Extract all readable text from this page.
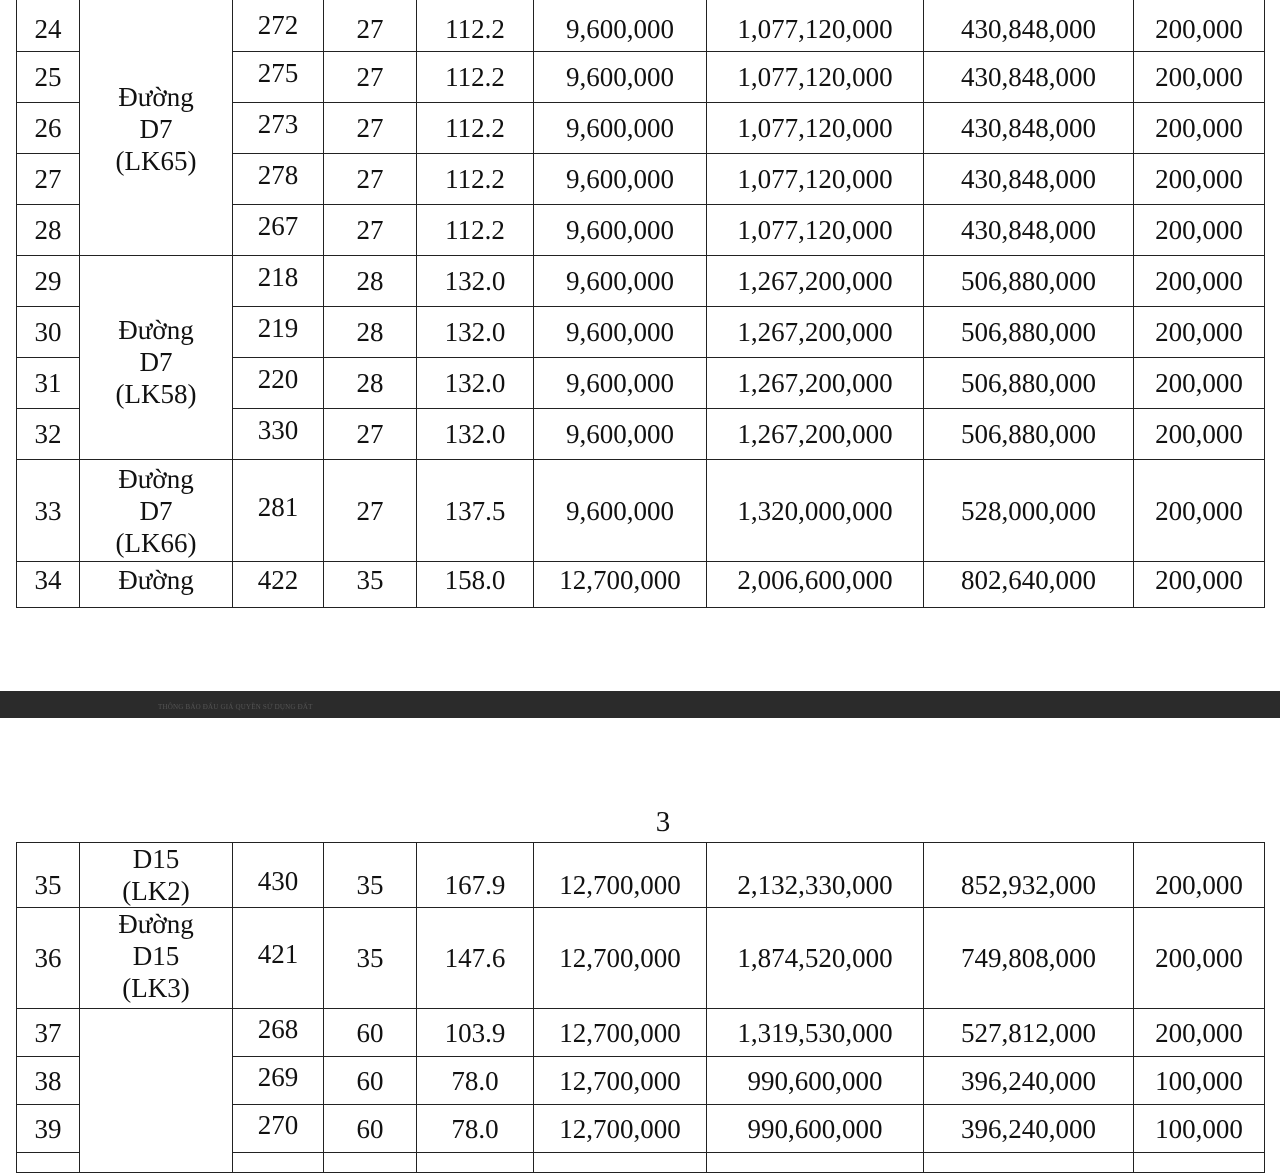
24	Đường
D7
(LK65)	272	27	112.2	9,600,000	1,077,120,000	430,848,000	200,000
25		275	27	112.2	9,600,000	1,077,120,000	430,848,000	200,000
26		273	27	112.2	9,600,000	1,077,120,000	430,848,000	200,000
27		278	27	112.2	9,600,000	1,077,120,000	430,848,000	200,000
28		267	27	112.2	9,600,000	1,077,120,000	430,848,000	200,000
29	Đường
D7
(LK58)	218	28	132.0	9,600,000	1,267,200,000	506,880,000	200,000
30		219	28	132.0	9,600,000	1,267,200,000	506,880,000	200,000
31		220	28	132.0	9,600,000	1,267,200,000	506,880,000	200,000
32		330	27	132.0	9,600,000	1,267,200,000	506,880,000	200,000
33	Đường
D7
(LK66)	281	27	137.5	9,600,000	1,320,000,000	528,000,000	200,000
34	Đường	422	35	158.0	12,700,000	2,006,600,000	802,640,000	200,000
THÔNG BÁO ĐẤU GIÁ QUYỀN SỬ DỤNG ĐẤT
3
35	D15
(LK2)	430	35	167.9	12,700,000	2,132,330,000	852,932,000	200,000
36	Đường
D15
(LK3)	421	35	147.6	12,700,000	1,874,520,000	749,808,000	200,000
37		268	60	103.9	12,700,000	1,319,530,000	527,812,000	200,000
38		269	60	78.0	12,700,000	990,600,000	396,240,000	100,000
39		270	60	78.0	12,700,000	990,600,000	396,240,000	100,000
